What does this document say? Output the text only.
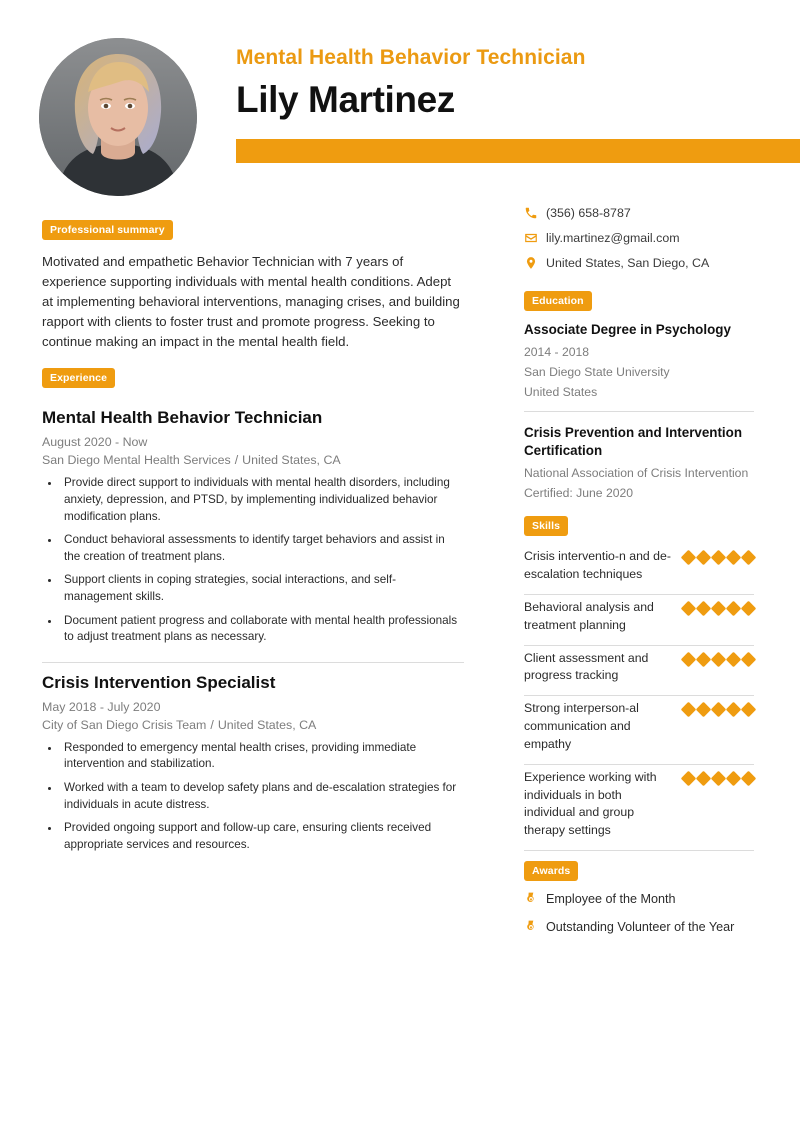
Mental Health Behavior Technician
Lily Martinez
Professional summary
Motivated and empathetic Behavior Technician with 7 years of experience supporting individuals with mental health conditions. Adept at implementing behavioral interventions, managing crises, and building rapport with clients to foster trust and promote progress. Seeking to continue making an impact in the mental health field.
Experience
Mental Health Behavior Technician
August 2020 - Now
San Diego Mental Health Services / United States, CA
• Provide direct support to individuals with mental health disorders, including anxiety, depression, and PTSD, by implementing individualized behavior modification plans.
• Conduct behavioral assessments to identify target behaviors and assist in the creation of treatment plans.
• Support clients in coping strategies, social interactions, and self-management skills.
• Document patient progress and collaborate with mental health professionals to adjust treatment plans as necessary.
Crisis Intervention Specialist
May 2018 - July 2020
City of San Diego Crisis Team / United States, CA
• Responded to emergency mental health crises, providing immediate intervention and stabilization.
• Worked with a team to develop safety plans and de-escalation strategies for individuals in acute distress.
• Provided ongoing support and follow-up care, ensuring clients received appropriate services and resources.
(356) 658-8787
lily.martinez@gmail.com
United States, San Diego, CA
Education
Associate Degree in Psychology
2014 - 2018
San Diego State University
United States
Crisis Prevention and Intervention Certification
National Association of Crisis Intervention
Certified: June 2020
Skills
Crisis interventio-n and de-escalation techniques
Behavioral analysis and treatment planning
Client assessment and progress tracking
Strong interperson-al communication and empathy
Experience working with individuals in both individual and group therapy settings
Awards
Employee of the Month
Outstanding Volunteer of the Year
